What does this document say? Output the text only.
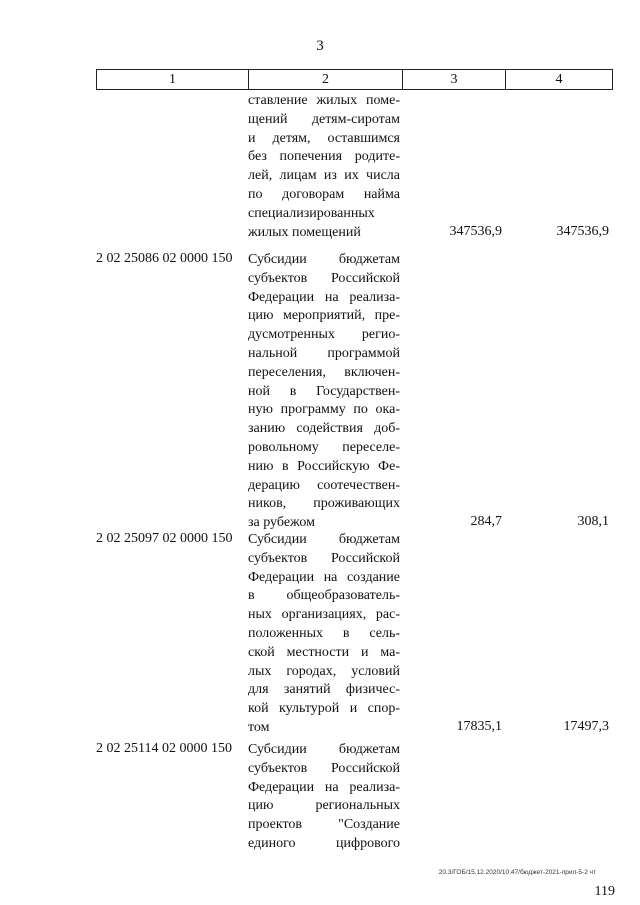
3
1	2	3	4
ставление жилых поме-
щений детям-сиротам
и детям, оставшимся
без попечения родите-
лей, лицам из их числа
по договорам найма
специализированных
жилых помещений	347536,9	347536,9
2 02 25086 02 0000 150 Субсидии бюджетам
субъектов Российской
Федерации на реализа-
цию мероприятий, пре-
дусмотренных регио-
нальной программой
переселения, включен-
ной в Государствен-
ную программу по ока-
занию содействия доб-
ровольному переселе-
нию в Российскую Фе-
дерацию соотечествен-
ников, проживающих
за рубежом	284,7	308,1
2 02 25097 02 0000 150 Субсидии бюджетам
субъектов Российской
Федерации на создание
в общеобразователь-
ных организациях, рас-
положенных в сель-
ской местности и ма-
лых городах, условий
для занятий физичес-
кой культурой и спор-
том	17835,1	17497,3
2 02 25114 02 0000 150 Субсидии бюджетам
субъектов Российской
Федерации на реализа-
цию региональных
проектов "Создание
единого цифрового
20.3/ГОБ/15.12.2020/10:47/бюджет-2021-прил-5-2 чт
119
